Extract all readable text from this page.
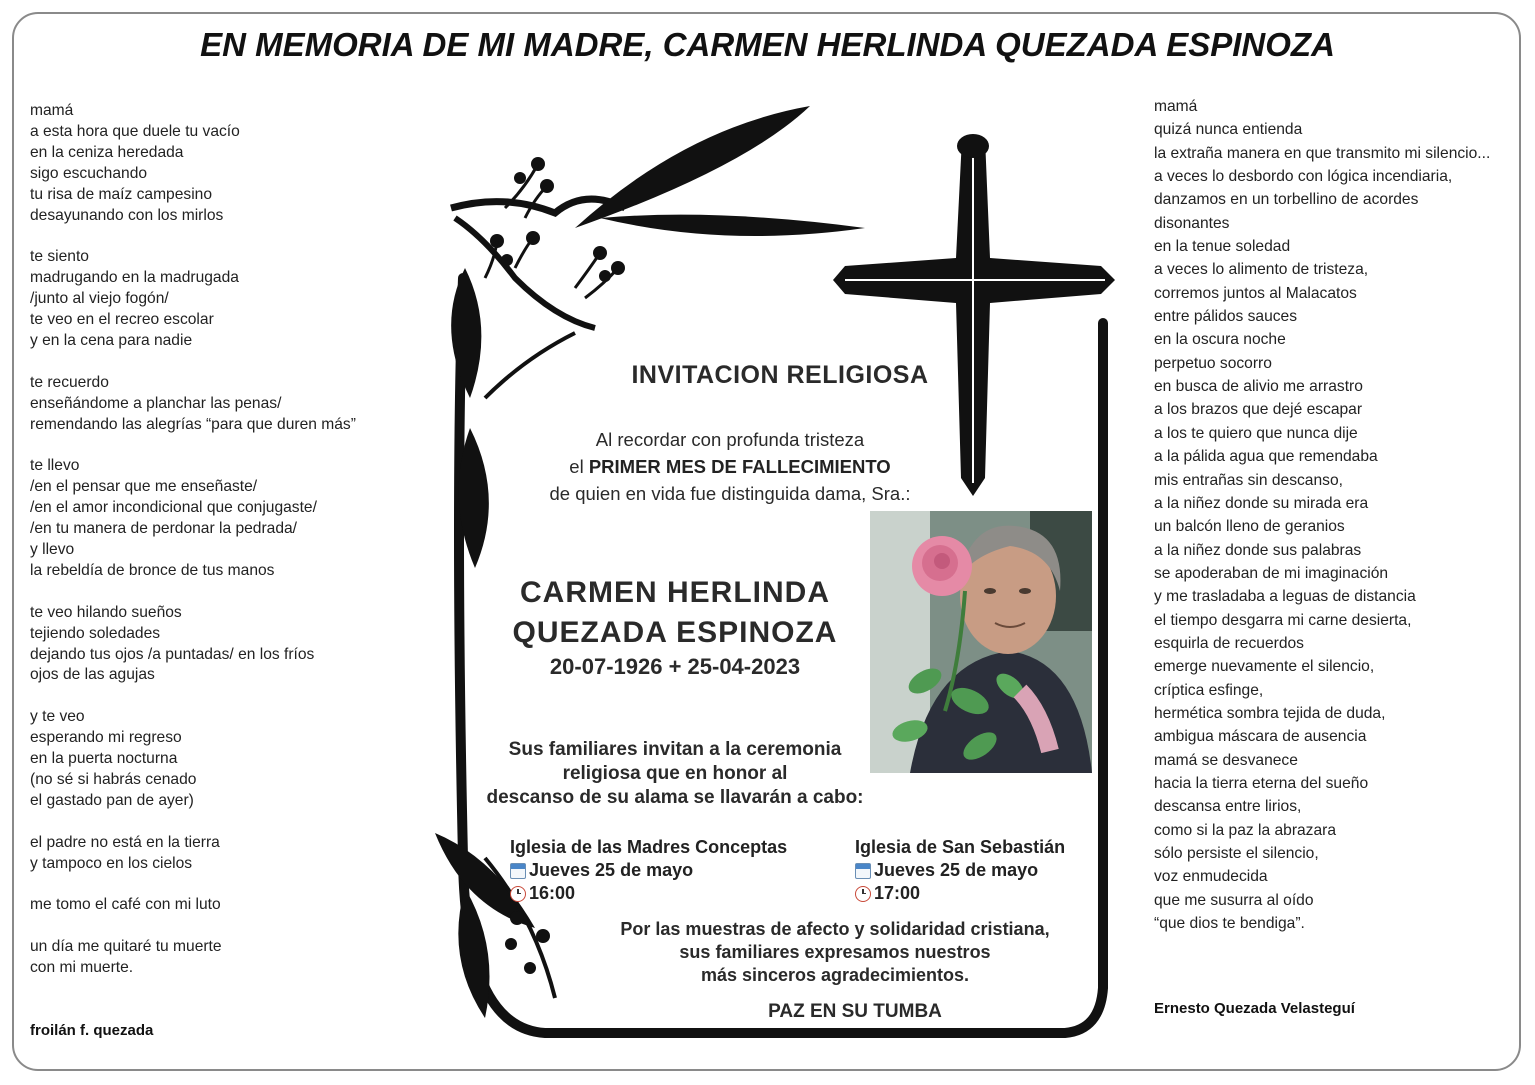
EN MEMORIA DE MI MADRE, CARMEN HERLINDA QUEZADA ESPINOZA
mamá
a esta hora que duele tu vacío
en la ceniza heredada
sigo escuchando
tu risa de maíz campesino
desayunando con los mirlos

te siento
madrugando en la madrugada
/junto al viejo fogón/
te veo en el recreo escolar
y en la cena para nadie

te recuerdo
enseñándome a planchar las penas/
remendando las alegrías “para que duren más”

te llevo
/en el pensar que me enseñaste/
/en el amor incondicional que conjugaste/
/en tu manera de perdonar la pedrada/
y llevo
la rebeldía de bronce de tus manos

te veo hilando sueños
tejiendo soledades
dejando tus ojos /a puntadas/ en los fríos
ojos de las agujas

y te veo
esperando mi regreso
en la puerta nocturna
(no sé si habrás cenado
el gastado pan de ayer)

el padre no está en la tierra
y tampoco en los cielos

me tomo el café con mi luto

un día me quitaré tu muerte
con mi muerte.
froilán f. quezada
mamá
quizá nunca entienda
la extraña manera en que transmito mi silencio...
a veces lo desbordo con lógica incendiaria,
danzamos en un torbellino de acordes
disonantes
en la tenue soledad
a veces lo alimento de tristeza,
corremos juntos al Malacatos
entre pálidos sauces
en la oscura noche
perpetuo socorro
en busca de alivio me arrastro
a los brazos que dejé escapar
a los te quiero que nunca dije
a la pálida agua que remendaba
mis entrañas sin descanso,
a la niñez donde su mirada era
un balcón lleno de geranios
a la niñez donde sus palabras
se apoderaban de mi imaginación
y me trasladaba a leguas de distancia
el tiempo desgarra mi carne desierta,
esquirla de recuerdos
emerge nuevamente el silencio,
críptica esfinge,
hermética sombra tejida de duda,
ambigua máscara de ausencia
mamá se desvanece
hacia la tierra eterna del sueño
descansa entre lirios,
como si la paz la abrazara
sólo persiste el silencio,
voz enmudecida
que me susurra al oído
“que dios te bendiga”.
Ernesto Quezada Velasteguí
INVITACION RELIGIOSA
Al recordar con profunda tristeza
el PRIMER MES DE FALLECIMIENTO
de quien en vida fue distinguida dama, Sra.:
CARMEN HERLINDA
QUEZADA ESPINOZA
20-07-1926 + 25-04-2023
Sus familiares invitan a la ceremonia
religiosa que en honor al
descanso de su alama se llavarán a cabo:
Iglesia de las Madres Conceptas
Jueves 25 de mayo
16:00
Iglesia de San Sebastián
Jueves 25 de mayo
17:00
Por las muestras de afecto y solidaridad cristiana,
sus familiares expresamos nuestros
más sinceros agradecimientos.
PAZ EN SU TUMBA
